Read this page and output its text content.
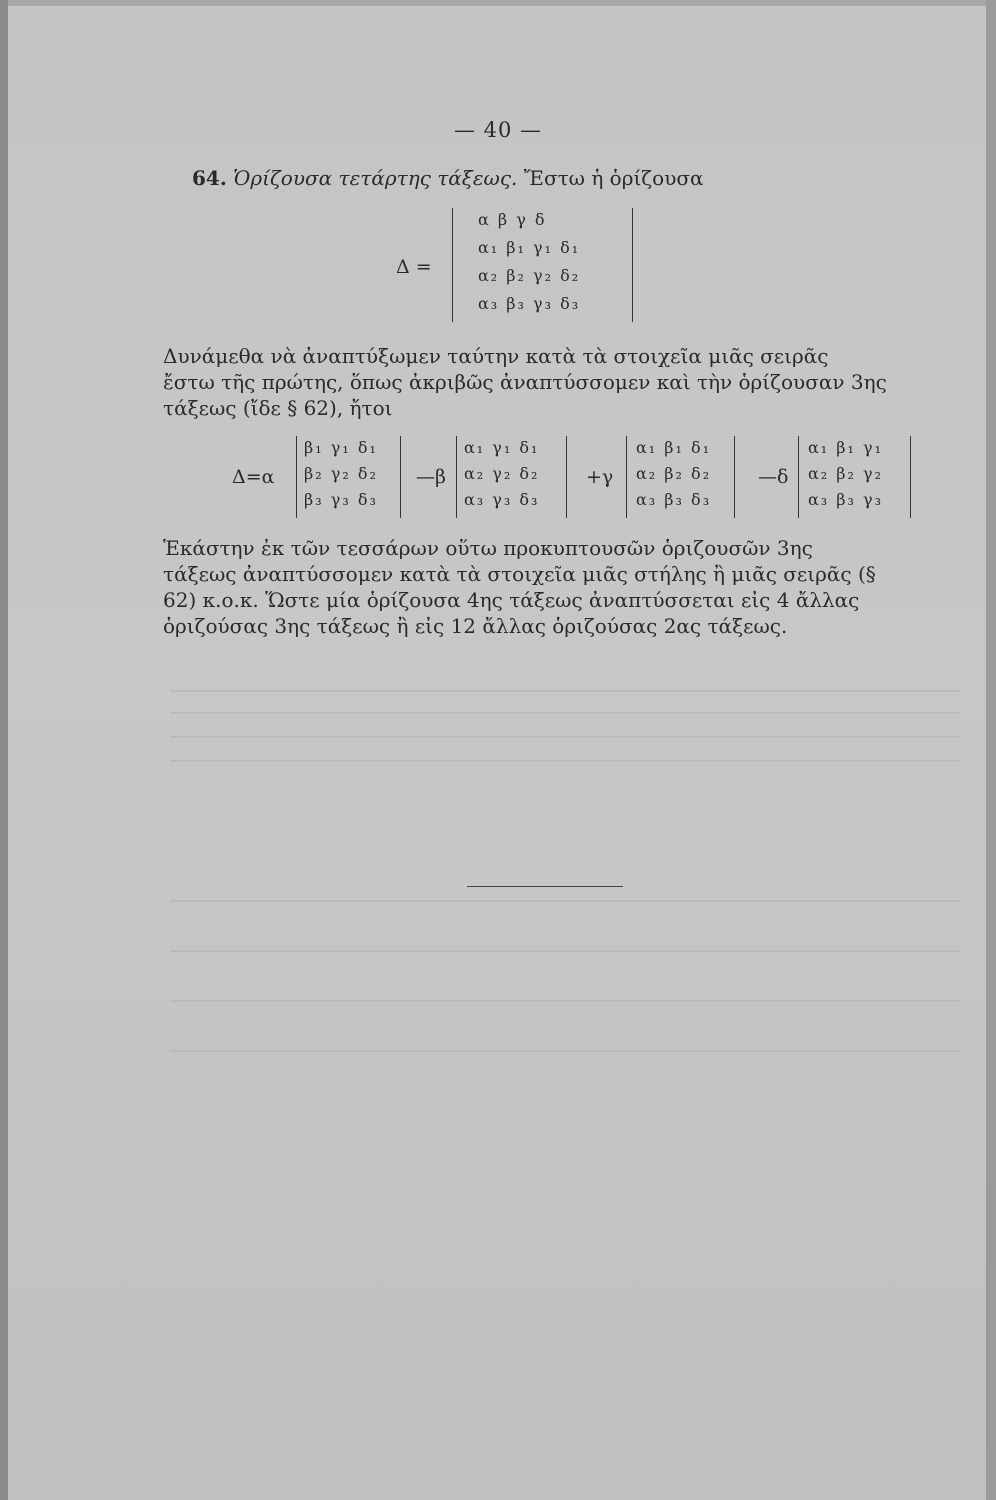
— 40 —
64. Ὁρίζουσα τετάρτης τάξεως. Ἔστω ἡ ὁρίζουσα
Δ =
α β γ δ
α₁ β₁ γ₁ δ₁
α₂ β₂ γ₂ δ₂
α₃ β₃ γ₃ δ₃
Δυνάμεθα νὰ ἀναπτύξωμεν ταύτην κατὰ τὰ στοιχεῖα μιᾶς σειρᾶς
ἔστω τῆς πρώτης, ὅπως ἀκριβῶς ἀναπτύσσομεν καὶ τὴν ὁρίζουσαν 3ης
τάξεως (ἴδε § 62), ἤτοι
Δ=α
β₁ γ₁ δ₁
β₂ γ₂ δ₂
β₃ γ₃ δ₃
—β
α₁ γ₁ δ₁
α₂ γ₂ δ₂
α₃ γ₃ δ₃
+γ
α₁ β₁ δ₁
α₂ β₂ δ₂
α₃ β₃ δ₃
—δ
α₁ β₁ γ₁
α₂ β₂ γ₂
α₃ β₃ γ₃
Ἑκάστην ἐκ τῶν τεσσάρων οὕτω προκυπτουσῶν ὁριζουσῶν 3ης
τάξεως ἀναπτύσσομεν κατὰ τὰ στοιχεῖα μιᾶς στήλης ἢ μιᾶς σειρᾶς (§
62) κ.ο.κ. Ὥστε μία ὁρίζουσα 4ης τάξεως ἀναπτύσσεται εἰς 4 ἄλλας
ὁριζούσας 3ης τάξεως ἢ εἰς 12 ἄλλας ὁριζούσας 2ας τάξεως.
